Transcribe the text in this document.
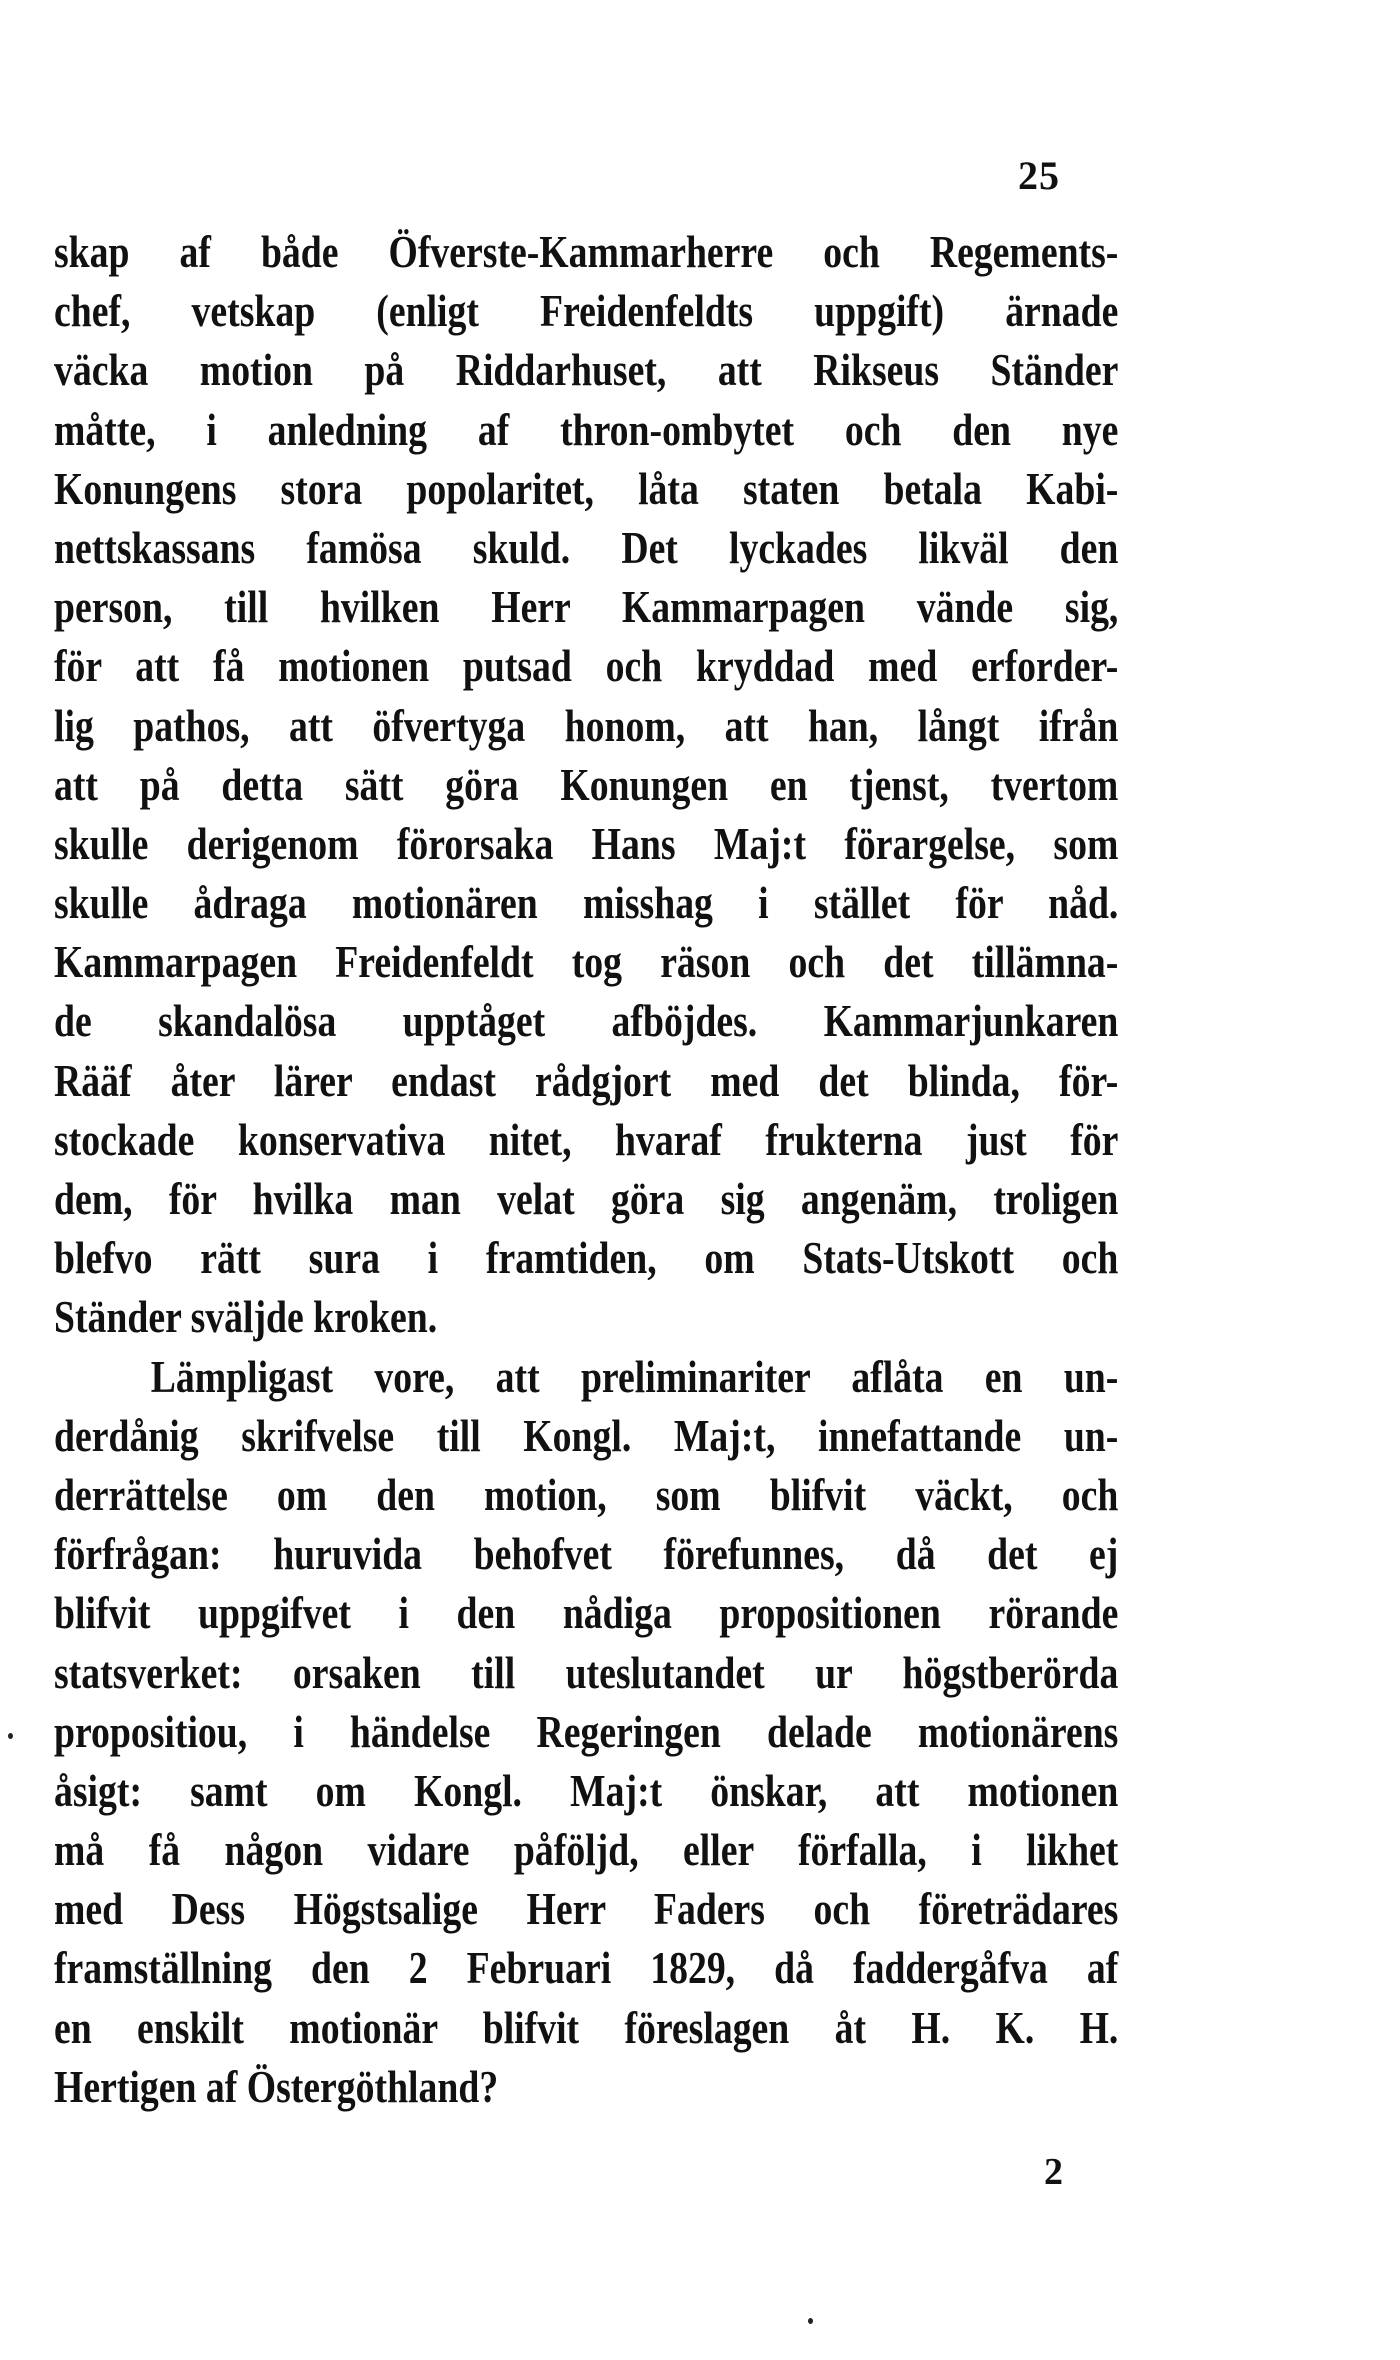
25
skap af både Öfverste-Kammarherre och Regements-
chef, vetskap (enligt Freidenfeldts uppgift) ärnade
väcka motion på Riddarhuset, att Rikseus Ständer
måtte, i anledning af thron-ombytet och den nye
Konungens stora popolaritet, låta staten betala Kabi-
nettskassans famösa skuld. Det lyckades likväl den
person, till hvilken Herr Kammarpagen vände sig,
för att få motionen putsad och kryddad med erforder-
lig pathos, att öfvertyga honom, att han, långt ifrån
att på detta sätt göra Konungen en tjenst, tvertom
skulle derigenom förorsaka Hans Maj:t förargelse, som
skulle ådraga motionären misshag i stället för nåd.
Kammarpagen Freidenfeldt tog räson och det tillämna-
de skandalösa upptåget afböjdes. Kammarjunkaren
Rääf åter lärer endast rådgjort med det blinda, för-
stockade konservativa nitet, hvaraf frukterna just för
dem, för hvilka man velat göra sig angenäm, troligen
blefvo rätt sura i framtiden, om Stats-Utskott och
Ständer svälјde kroken.
Lämpligast vore, att preliminariter aflåta en un-
derdånig skrifvelse till Kongl. Maj:t, innefattande un-
derrättelse om den motion, som blifvit väckt, och
förfrågan: huruvida behofvet förefunnes, då det ej
blifvit uppgifvet i den nådiga propositionen rörande
statsverket: orsaken till uteslutandet ur högstberörda
propositiou, i händelse Regeringen delade motionärens
åsigt: samt om Kongl. Maj:t önskar, att motionen
må få någon vidare påföljd, eller förfalla, i likhet
med Dess Högstsalige Herr Faders och företrädares
framställning den 2 Februari 1829, då faddergåfva af
en enskilt motionär blifvit föreslagen åt H. K. H.
Hertigen af Östergöthland?
2
